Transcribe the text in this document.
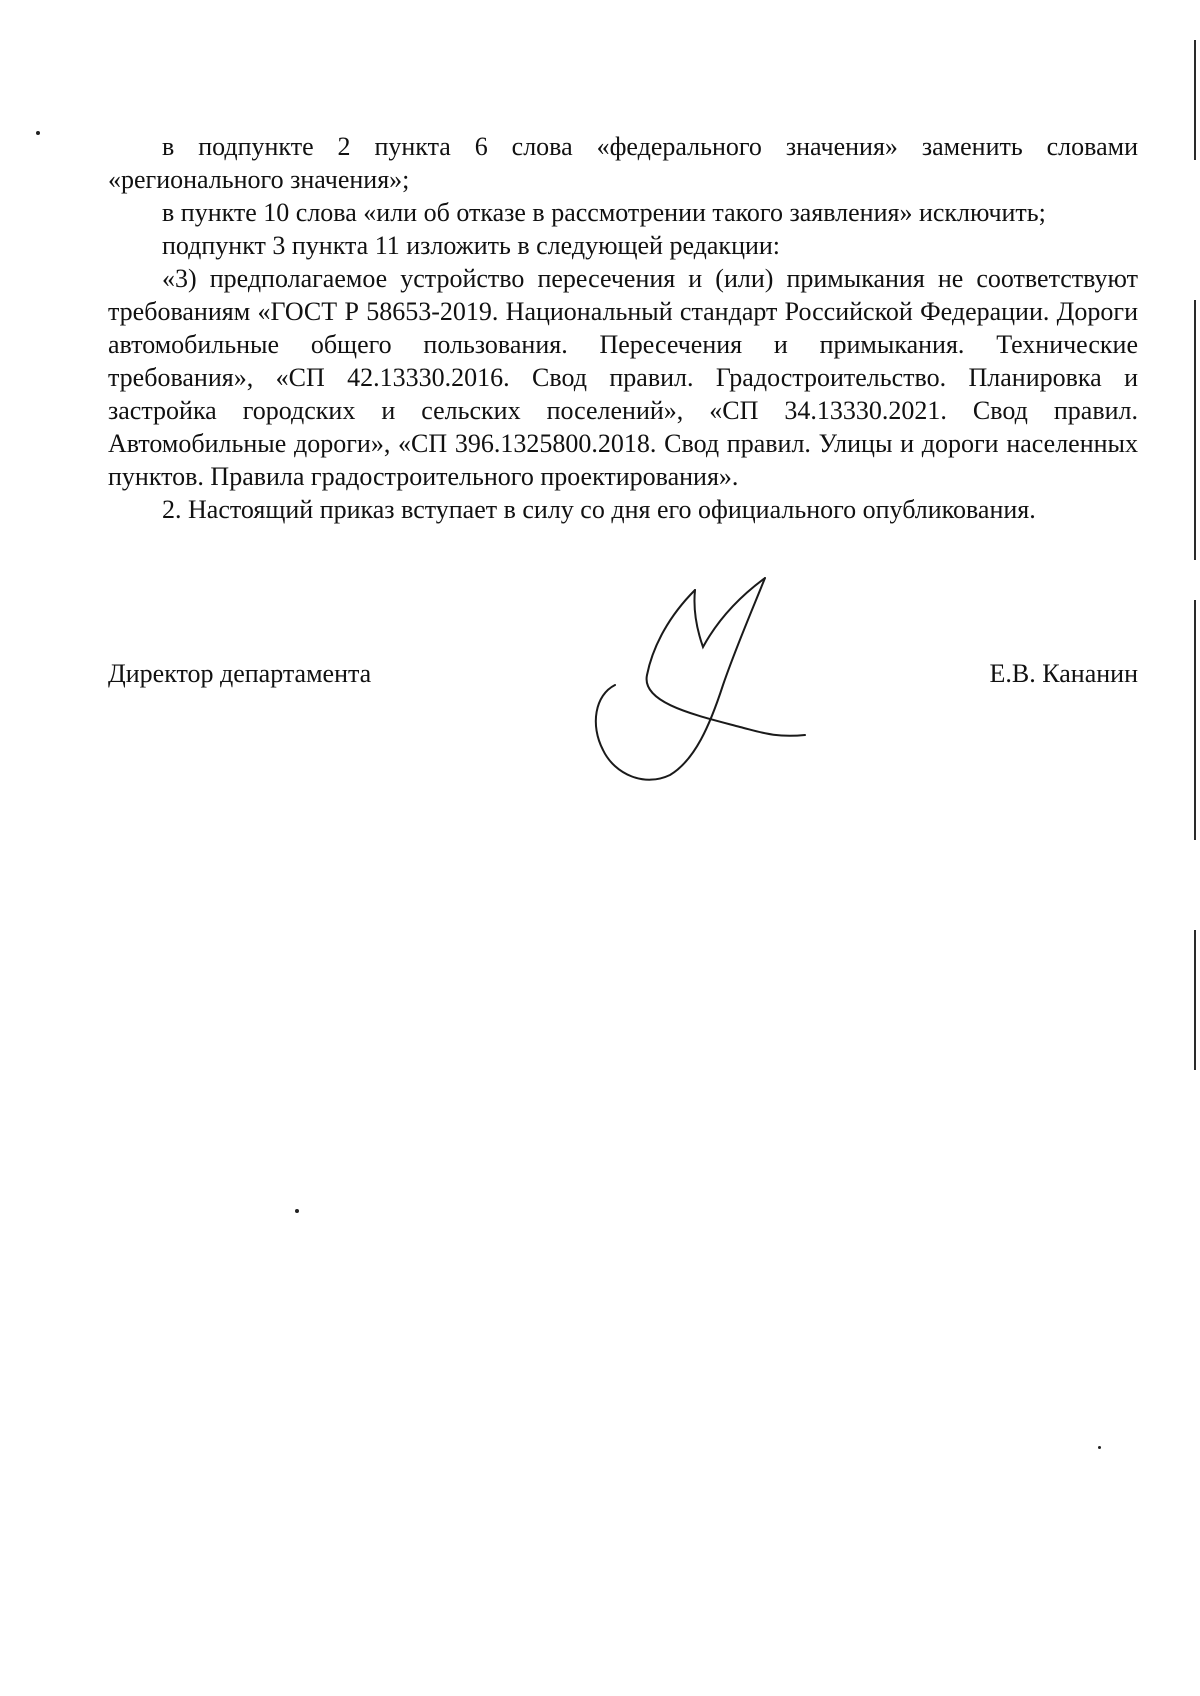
в подпункте 2 пункта 6 слова «федерального значения» заменить словами «регионального значения»;

в пункте 10 слова «или об отказе в рассмотрении такого заявления» исключить;

подпункт 3 пункта 11 изложить в следующей редакции:

«3) предполагаемое устройство пересечения и (или) примыкания не соответствуют требованиям «ГОСТ Р 58653-2019. Национальный стандарт Российской Федерации. Дороги автомобильные общего пользования. Пересечения и примыкания. Технические требования», «СП 42.13330.2016. Свод правил. Градостроительство. Планировка и застройка городских и сельских поселений», «СП 34.13330.2021. Свод правил. Автомобильные дороги», «СП 396.1325800.2018. Свод правил. Улицы и дороги населенных пунктов. Правила градостроительного проектирования».

2. Настоящий приказ вступает в силу со дня его официального опубликования.

Директор департамента	Е.В. Кананин
